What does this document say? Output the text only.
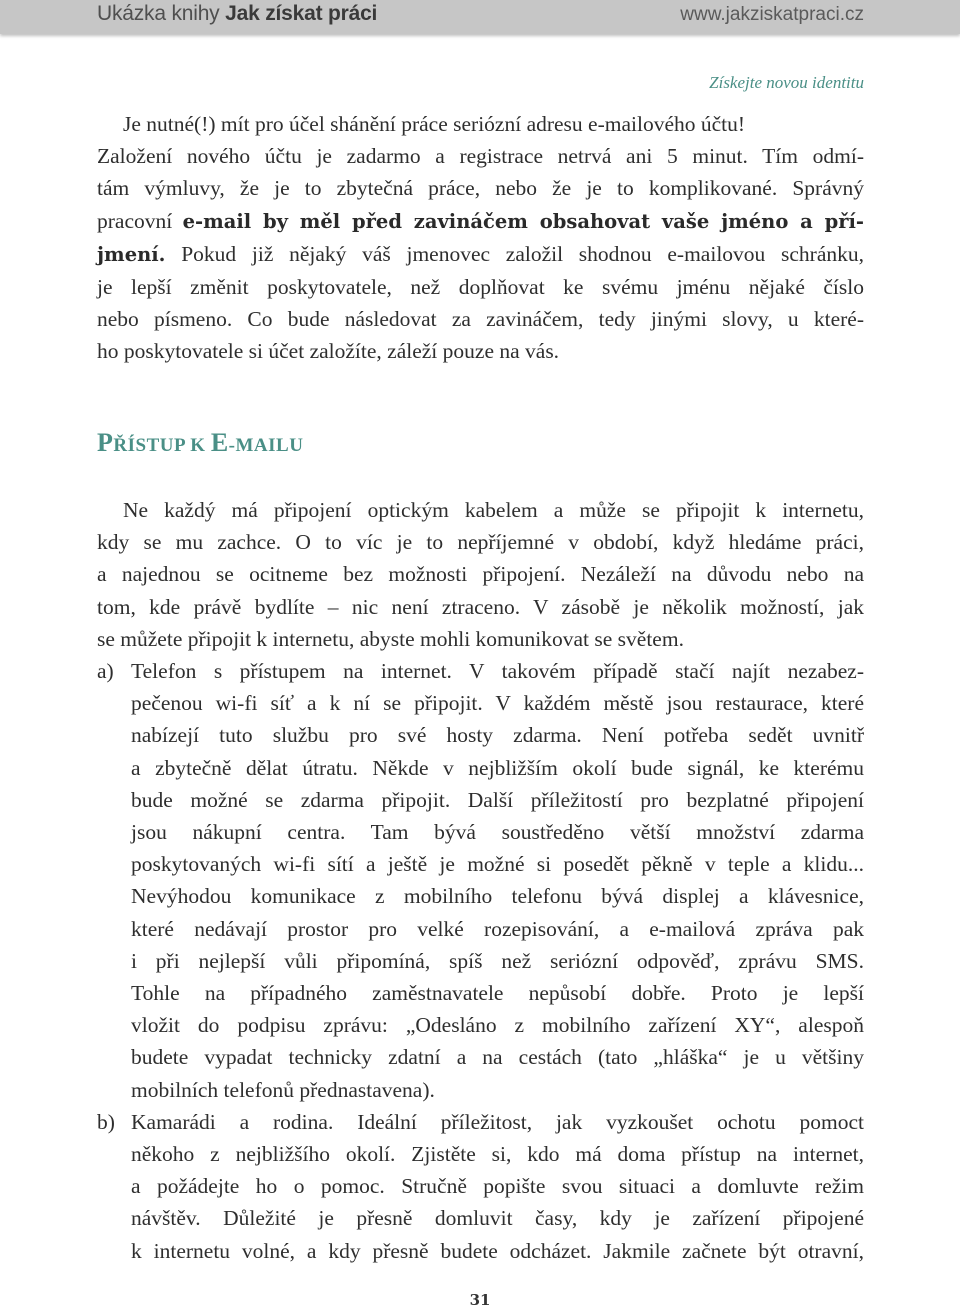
Ukázka knihy Jak získat práci	www.jakziskatpraci.cz
Získejte novou identitu
Je nutné(!) mít pro účel shánění práce seriózní adresu e-mailového účtu!
Založení nového účtu je zadarmo a registrace netrvá ani 5 minut. Tím odmí-
tám výmluvy, že je to zbytečná práce, nebo že je to komplikované. Správný
pracovní e-mail by měl před zavináčem obsahovat vaše jméno a pří-
jmení. Pokud již nějaký váš jmenovec založil shodnou e-mailovou schránku,
je lepší změnit poskytovatele, než doplňovat ke svému jménu nějaké číslo
nebo písmeno. Co bude následovat za zavináčem, tedy jinými slovy, u které-
ho poskytovatele si účet založíte, záleží pouze na vás.
PŘÍSTUP K E-MAILU
Ne každý má připojení optickým kabelem a může se připojit k internetu,
kdy se mu zachce. O to víc je to nepříjemné v období, když hledáme práci,
a najednou se ocitneme bez možnosti připojení. Nezáleží na důvodu nebo na
tom, kde právě bydlíte – nic není ztraceno. V zásobě je několik možností, jak
se můžete připojit k internetu, abyste mohli komunikovat se světem.
a) Telefon s přístupem na internet. V takovém případě stačí najít nezabez-
pečenou wi-fi síť a k ní se připojit. V každém městě jsou restaurace, které
nabízejí tuto službu pro své hosty zdarma. Není potřeba sedět uvnitř
a zbytečně dělat útratu. Někde v nejbližším okolí bude signál, ke kterému
bude možné se zdarma připojit. Další příležitostí pro bezplatné připojení
jsou nákupní centra. Tam bývá soustředěno větší množství zdarma
poskytovaných wi-fi sítí a ještě je možné si posedět pěkně v teple a klidu...
Nevýhodou komunikace z mobilního telefonu bývá displej a klávesnice,
které nedávají prostor pro velké rozepisování, a e-mailová zpráva pak
i při nejlepší vůli připomíná, spíš než seriózní odpověď, zprávu SMS.
Tohle na případného zaměstnavatele nepůsobí dobře. Proto je lepší
vložit do podpisu zprávu: „Odesláno z mobilního zařízení XY“, alespoň
budete vypadat technicky zdatní a na cestách (tato „hláška“ je u většiny
mobilních telefonů přednastavena).
b) Kamarádi a rodina. Ideální příležitost, jak vyzkoušet ochotu pomoct
někoho z nejbližšího okolí. Zjistěte si, kdo má doma přístup na internet,
a požádejte ho o pomoc. Stručně popište svou situaci a domluvte režim
návštěv. Důležité je přesně domluvit časy, kdy je zařízení připojené
k internetu volné, a kdy přesně budete odcházet. Jakmile začnete být otravní,
31
